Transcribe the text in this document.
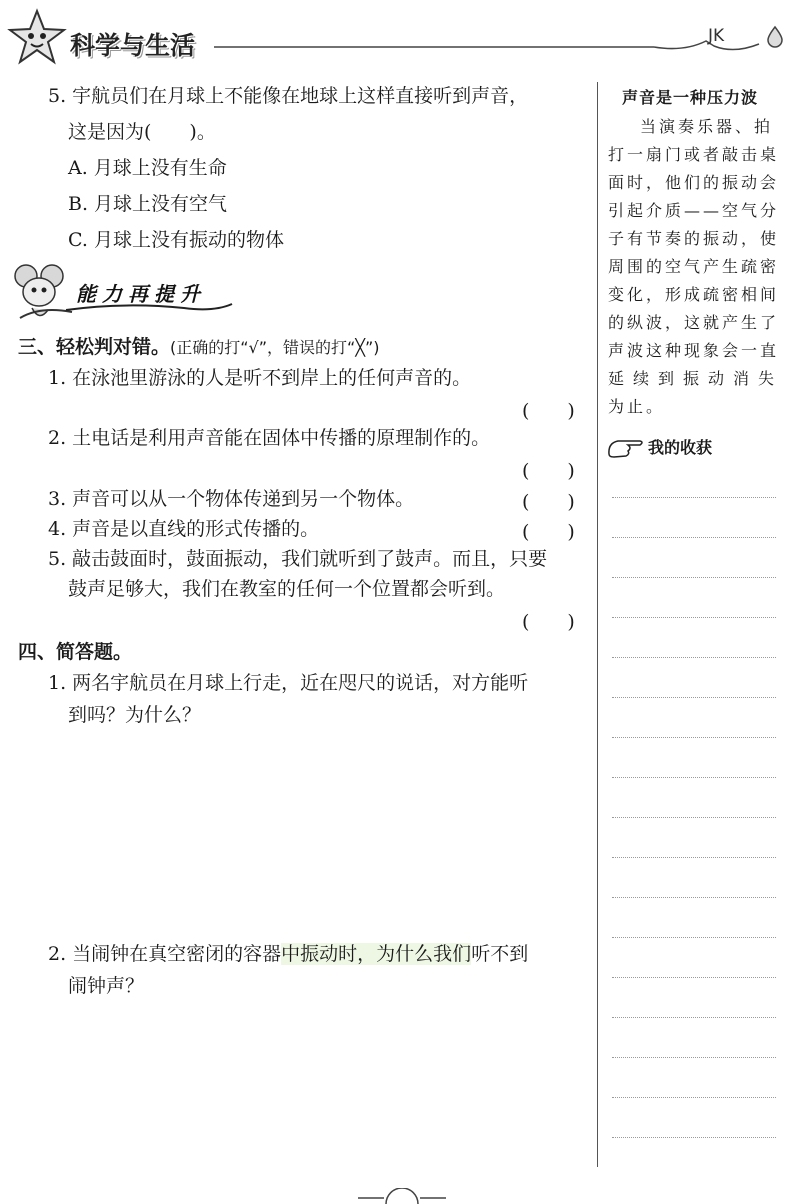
科学与生活	JK
5. 宇航员们在月球上不能像在地球上这样直接听到声音，
这是因为(　　)。
A. 月球上没有生命
B. 月球上没有空气
C. 月球上没有振动的物体
能力再提升
三、轻松判对错。(正确的打“√”，错误的打“╳”)
1. 在泳池里游泳的人是听不到岸上的任何声音的。
(　　)
2. 土电话是利用声音能在固体中传播的原理制作的。
(　　)
3. 声音可以从一个物体传递到另一个物体。	(　　)
4. 声音是以直线的形式传播的。	(　　)
5. 敲击鼓面时，鼓面振动，我们就听到了鼓声。而且，只要
鼓声足够大，我们在教室的任何一个位置都会听到。
(　　)
四、简答题。
1. 两名宇航员在月球上行走，近在咫尺的说话，对方能听
到吗？为什么？
2. 当闹钟在真空密闭的容器中振动时，为什么我们听不到
闹钟声？
声音是一种压力波
当演奏乐器、拍
打一扇门或者敲击桌
面时，他们的振动会
引起介质——空气分
子有节奏的振动，使
周围的空气产生疏密
变化，形成疏密相间
的纵波，这就产生了
声波这种现象会一直
延续到振动消失
为止。
我的收获
